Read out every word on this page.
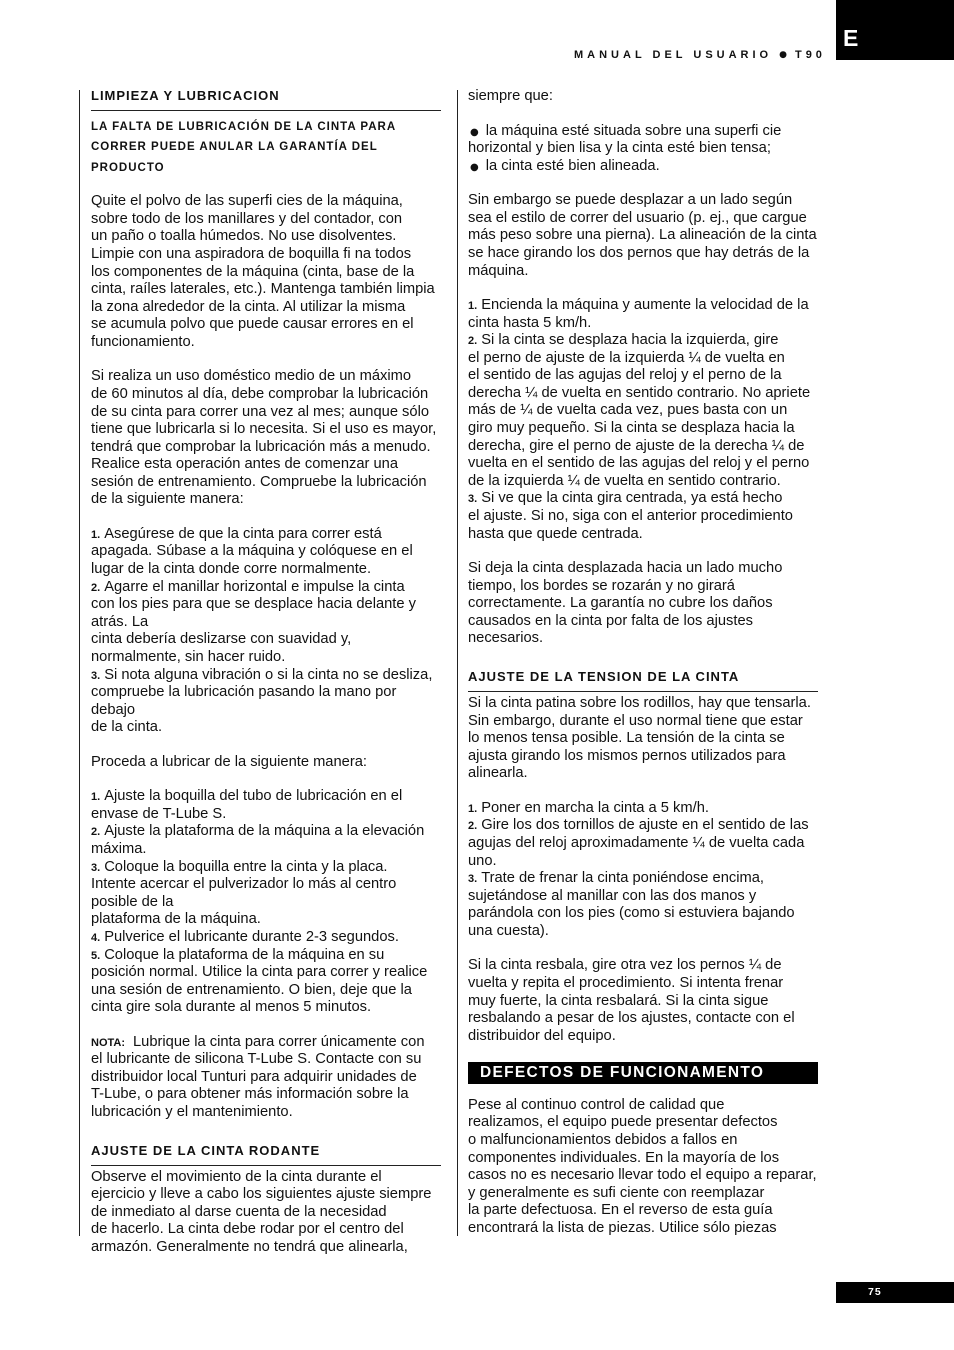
E
MANUAL DEL USUARIO ● T90
LIMPIEZA Y LUBRICACION
LA FALTA DE LUBRICACIÓN DE LA CINTA PARA
CORRER PUEDE ANULAR LA GARANTÍA DEL
PRODUCTO
Quite el polvo de las superfi cies de la máquina,
sobre todo de los manillares y del contador, con
un paño o toalla húmedos. No use disolventes.
Limpie con una aspiradora de boquilla fi na todos
los componentes de la máquina (cinta, base de la
cinta, raíles laterales, etc.). Mantenga también limpia
la zona alrededor de la cinta. Al utilizar la misma
se acumula polvo que puede causar errores en el
funcionamiento.
Si realiza un uso doméstico medio de un máximo
de 60 minutos al día, debe comprobar la lubricación
de su cinta para correr una vez al mes; aunque sólo
tiene que lubricarla si lo necesita. Si el uso es mayor,
tendrá que comprobar la lubricación más a menudo.
Realice esta operación antes de comenzar una
sesión de entrenamiento. Compruebe la lubricación
de la siguiente manera:
1. Asegúrese de que la cinta para correr está
apagada. Súbase a la máquina y colóquese en el
lugar de la cinta donde corre normalmente.
2. Agarre el manillar horizontal e impulse la cinta
con los pies para que se desplace hacia delante y
atrás. La
cinta debería deslizarse con suavidad y,
normalmente, sin hacer ruido.
3. Si nota alguna vibración o si la cinta no se desliza,
compruebe la lubricación pasando la mano por
debajo
de la cinta.
Proceda a lubricar de la siguiente manera:
1. Ajuste la boquilla del tubo de lubricación en el
envase de T-Lube S.
2. Ajuste la plataforma de la máquina a la elevación
máxima.
3. Coloque la boquilla entre la cinta y la placa.
Intente acercar el pulverizador lo más al centro
posible de la
plataforma de la máquina.
4. Pulverice el lubricante durante 2-3 segundos.
5. Coloque la plataforma de la máquina en su
posición normal. Utilice la cinta para correr y realice
una sesión de entrenamiento. O bien, deje que la
cinta gire sola durante al menos 5 minutos.
NOTA: Lubrique la cinta para correr únicamente con
el lubricante de silicona T-Lube S. Contacte con su
distribuidor local Tunturi para adquirir unidades de
T-Lube, o para obtener más información sobre la
lubricación y el mantenimiento.
AJUSTE DE LA CINTA RODANTE
Observe el movimiento de la cinta durante el
ejercicio y lleve a cabo los siguientes ajuste siempre
de inmediato al darse cuenta de la necesidad
de hacerlo. La cinta debe rodar por el centro del
armazón. Generalmente no tendrá que alinearla,
siempre que:
● la máquina esté situada sobre una superfi cie
horizontal y bien lisa y la cinta esté bien tensa;
● la cinta esté bien alineada.
Sin embargo se puede desplazar a un lado según
sea el estilo de correr del usuario (p. ej., que cargue
más peso sobre una pierna). La alineación de la cinta
se hace girando los dos pernos que hay detrás de la
máquina.
1. Encienda la máquina y aumente la velocidad de la
cinta hasta 5 km/h.
2. Si la cinta se desplaza hacia la izquierda, gire
el perno de ajuste de la izquierda ¼ de vuelta en
el sentido de las agujas del reloj y el perno de la
derecha ¼ de vuelta en sentido contrario. No apriete
más de ¼ de vuelta cada vez, pues basta con un
giro muy pequeño. Si la cinta se desplaza hacia la
derecha, gire el perno de ajuste de la derecha ¼ de
vuelta en el sentido de las agujas del reloj y el perno
de la izquierda ¼ de vuelta en sentido contrario.
3. Si ve que la cinta gira centrada, ya está hecho
el ajuste. Si no, siga con el anterior procedimiento
hasta que quede centrada.
Si deja la cinta desplazada hacia un lado mucho
tiempo, los bordes se rozarán y no girará
correctamente. La garantía no cubre los daños
causados en la cinta por falta de los ajustes
necesarios.
AJUSTE DE LA TENSION DE LA CINTA
Si la cinta patina sobre los rodillos, hay que tensarla.
Sin embargo, durante el uso normal tiene que estar
lo menos tensa posible. La tensión de la cinta se
ajusta girando los mismos pernos utilizados para
alinearla.
1. Poner en marcha la cinta a 5 km/h.
2. Gire los dos tornillos de ajuste en el sentido de las
agujas del reloj aproximadamente ¼ de vuelta cada
uno.
3. Trate de frenar la cinta poniéndose encima,
sujetándose al manillar con las dos manos y
parándola con los pies (como si estuviera bajando
una cuesta).
Si la cinta resbala, gire otra vez los pernos ¼ de
vuelta y repita el procedimiento. Si intenta frenar
muy fuerte, la cinta resbalará. Si la cinta sigue
resbalando a pesar de los ajustes, contacte con el
distribuidor del equipo.
DEFECTOS DE FUNCIONAMENTO
Pese al continuo control de calidad que
realizamos, el equipo puede presentar defectos
o malfuncionamientos debidos a fallos en
componentes individuales. En la mayoría de los
casos no es necesario llevar todo el equipo a reparar,
y generalmente es sufi ciente con reemplazar
la parte defectuosa. En el reverso de esta guía
encontrará la lista de piezas. Utilice sólo piezas
75
